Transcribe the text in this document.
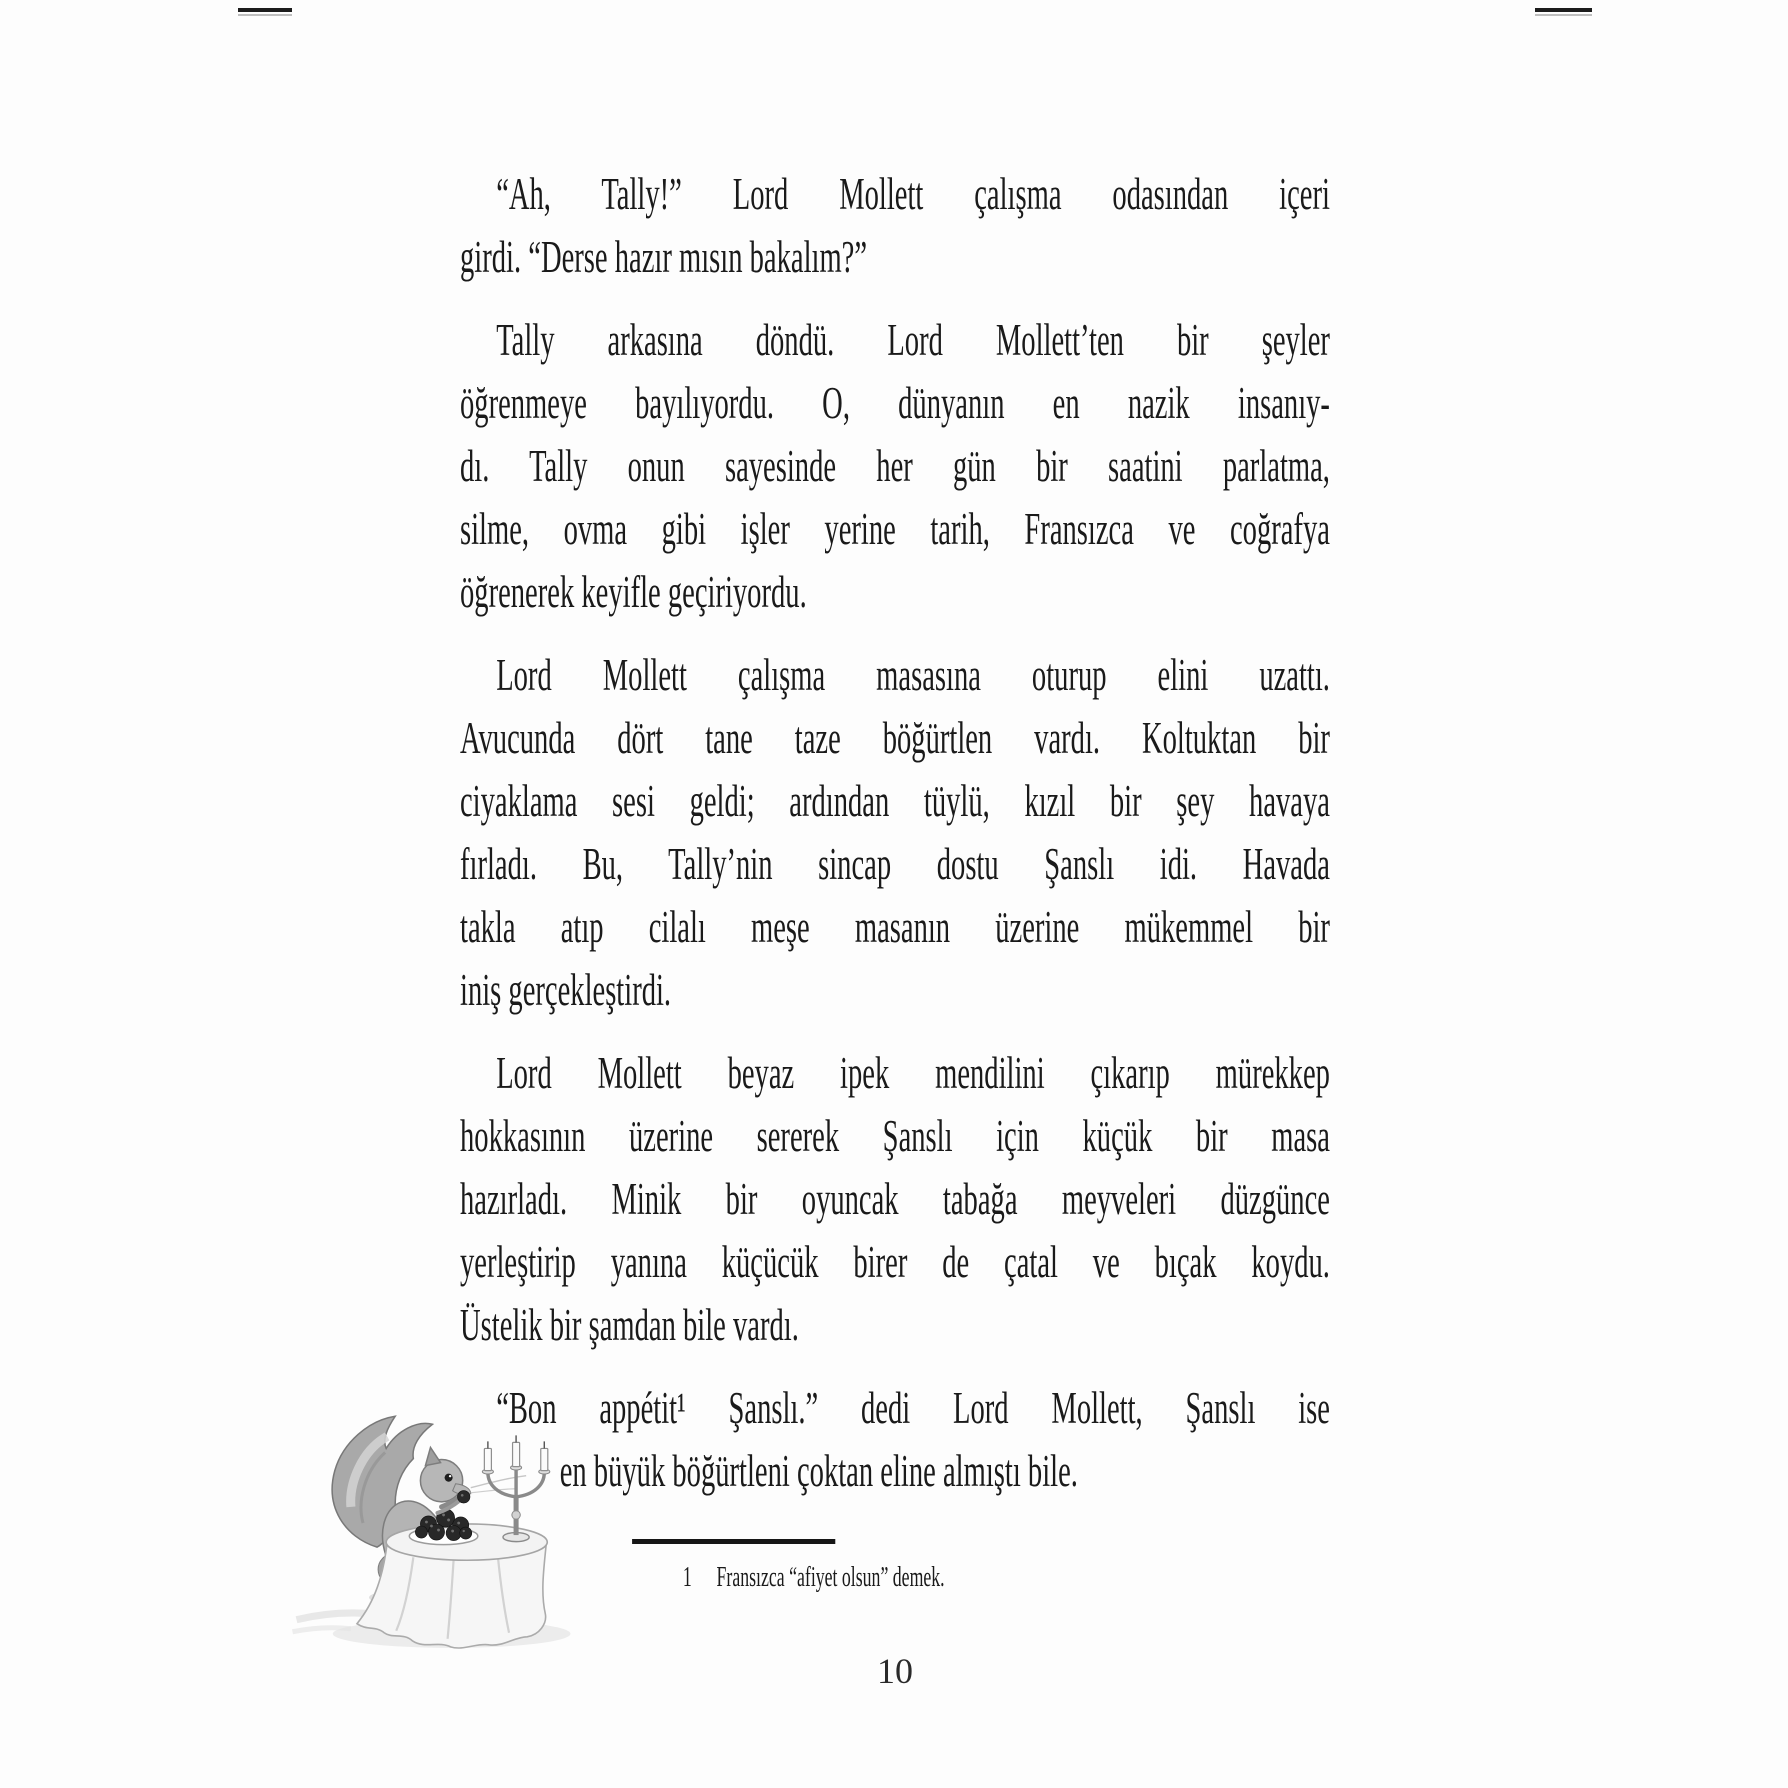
“Ah, Tally!” Lord Mollett çalışma odasından içeri
girdi. “Derse hazır mısın bakalım?”
Tally arkasına döndü. Lord Mollett’ten bir şeyler
öğrenmeye bayılıyordu. O, dünyanın en nazik insanıy-
dı. Tally onun sayesinde her gün bir saatini parlatma,
silme, ovma gibi işler yerine tarih, Fransızca ve coğrafya
öğrenerek keyifle geçiriyordu.
Lord Mollett çalışma masasına oturup elini uzattı.
Avucunda dört tane taze böğürtlen vardı. Koltuktan bir
ciyaklama sesi geldi; ardından tüylü, kızıl bir şey havaya
fırladı. Bu, Tally’nin sincap dostu Şanslı idi. Havada
takla atıp cilalı meşe masanın üzerine mükemmel bir
iniş gerçekleştirdi.
Lord Mollett beyaz ipek mendilini çıkarıp mürekkep
hokkasının üzerine sererek Şanslı için küçük bir masa
hazırladı. Minik bir oyuncak tabağa meyveleri düzgünce
yerleştirip yanına küçücük birer de çatal ve bıçak koydu.
Üstelik bir şamdan bile vardı.
“Bon appétit¹ Şanslı.” dedi Lord Mollett, Şanslı ise
en büyük böğürtleni çoktan eline almıştı bile.
1 Fransızca “afiyet olsun” demek.
10
